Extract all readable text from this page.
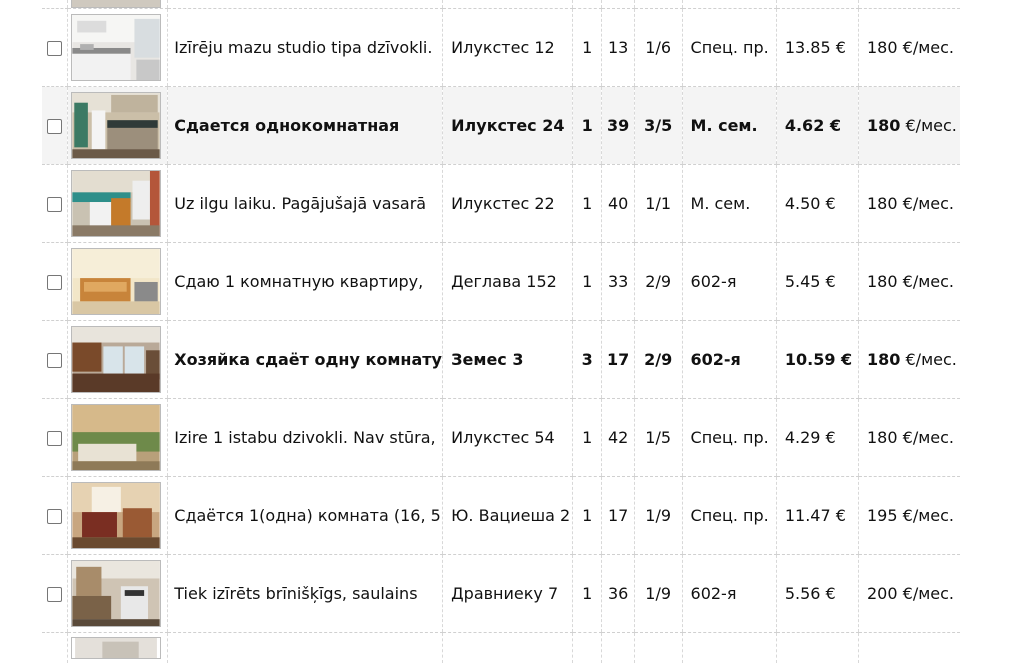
	Izīrēju mazu studio tipa dzīvokli.	Илукстес 12	1	13	1/6	Спец. пр.	13.85 €	180 €/мес.

	Сдается однокомнатная	Илукстес 24	1	39	3/5	М. сем.	4.62 €	180 €/мес.

	Uz ilgu laiku. Pagājušajā vasarā	Илукстес 22	1	40	1/1	М. сем.	4.50 €	180 €/мес.

	Сдаю 1 комнатную квартиру,	Деглава 152	1	33	2/9	602-я	5.45 €	180 €/мес.

	Хозяйка сдаёт одну комнату	Земес 3	3	17	2/9	602-я	10.59 €	180 €/мес.

	Izire 1 istabu dzivokli. Nav stūra,	Илукстес 54	1	42	1/5	Спец. пр.	4.29 €	180 €/мес.

	Сдаётся 1(одна) комната (16, 5	Ю. Вациеша 2	1	17	1/9	Спец. пр.	11.47 €	195 €/мес.

	Tiek izīrēts brīnišķīgs, saulains	Дравниеку 7	1	36	1/9	602-я	5.56 €	200 €/мес.
